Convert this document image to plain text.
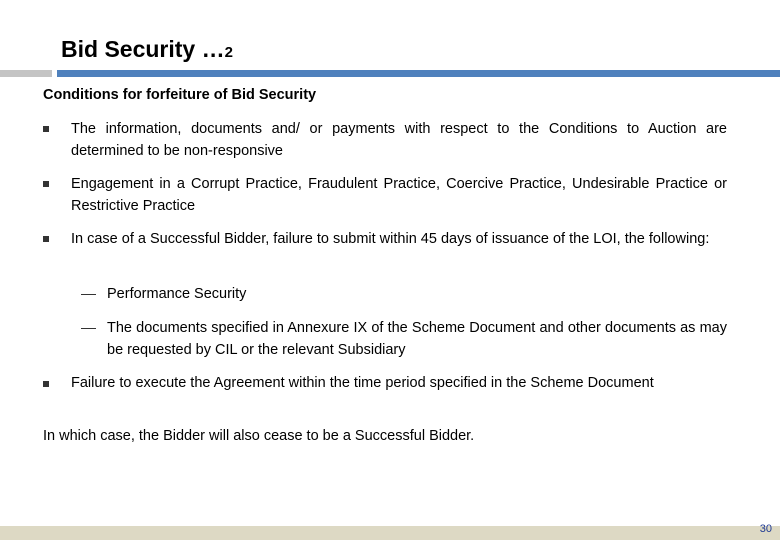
Bid Security …2
Conditions for forfeiture of Bid Security
The information, documents and/ or payments with respect to the Conditions to Auction are determined to be non-responsive
Engagement in a Corrupt Practice, Fraudulent Practice, Coercive Practice, Undesirable Practice or Restrictive Practice
In case of a Successful Bidder, failure to submit within 45 days of issuance of the LOI, the following:
Performance Security
The documents specified in Annexure IX of the Scheme Document and other documents as may be requested by CIL or the relevant Subsidiary
Failure to execute the Agreement within the time period specified in the Scheme Document
In which case, the Bidder will also cease to be a Successful Bidder.
30
